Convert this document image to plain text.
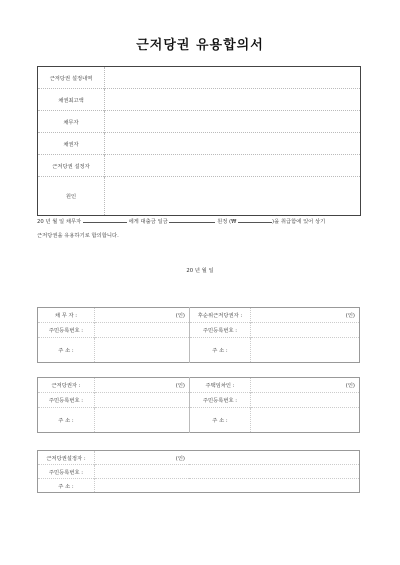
근저당권 유용합의서
근저당권 설정내역	
채권최고액	
채무자	
채권자	
근저당권 설정자	
원인	
20 년 월 일 채무자	에게 대출금 일금	원정 (₩	)을 취급함에 있어 상기
근저당권을 유용하기로 합의합니다.
20 년 월 일
채 무 자 :	(인)	후순위근저당권자 :	(인)
주민등록번호 :		주민등록번호 :	
주 소 :		주 소 :	
근저당권자 :	(인)	주택임차인 :	(인)
주민등록번호 :		주민등록번호 :	
주 소 :		주 소 :	
근저당권설정자 :	(인)	
주민등록번호 :		
주 소 :		
